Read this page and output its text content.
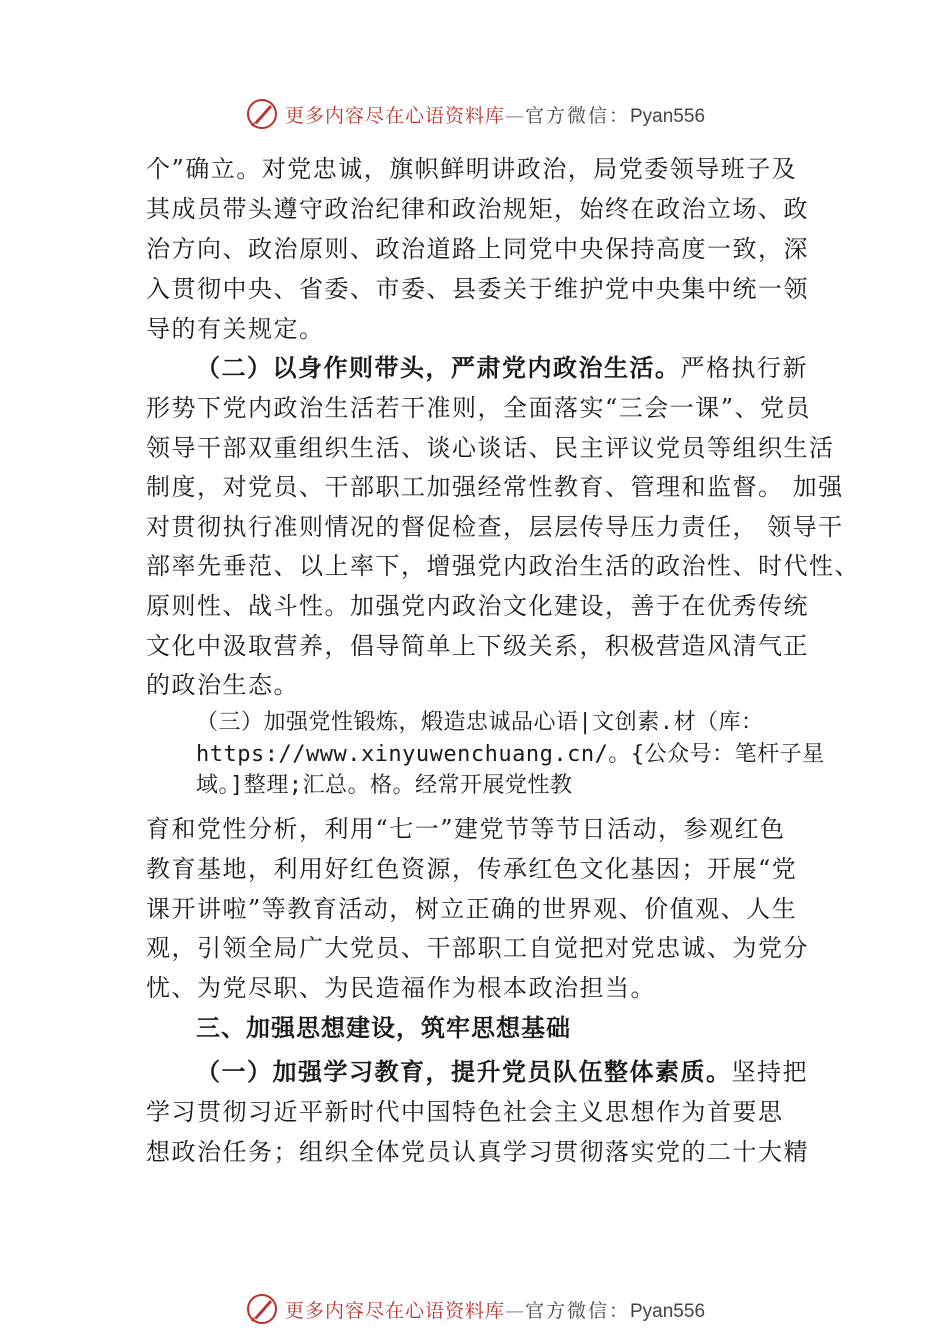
更多内容尽在心语资料库—官方微信：Pyan556
个”确立。对党忠诚，旗帜鲜明讲政治，局党委领导班子及
其成员带头遵守政治纪律和政治规矩，始终在政治立场、政
治方向、政治原则、政治道路上同党中央保持高度一致，深
入贯彻中央、省委、市委、县委关于维护党中央集中统一领
导的有关规定。
（二）以身作则带头，严肃党内政治生活。严格执行新
形势下党内政治生活若干准则，全面落实“三会一课”、党员
领导干部双重组织生活、谈心谈话、民主评议党员等组织生活
制度，对党员、干部职工加强经常性教育、管理和监督。 加强
对贯彻执行准则情况的督促检查，层层传导压力责任， 领导干
部率先垂范、以上率下，增强党内政治生活的政治性、时代性、
原则性、战斗性。加强党内政治文化建设，善于在优秀传统
文化中汲取营养，倡导简单上下级关系，积极营造风清气正
的政治生态。
（三）加强党性锻炼，煅造忠诚品心语|文创素.材（库：
https://www.xinyuwenchuang.cn/。{公众号：笔杆子星
域。]整理;汇总。格。经常开展党性教
育和党性分析，利用“七一”建党节等节日活动，参观红色
教育基地，利用好红色资源，传承红色文化基因；开展“党
课开讲啦”等教育活动，树立正确的世界观、价值观、人生
观，引领全局广大党员、干部职工自觉把对党忠诚、为党分
忧、为党尽职、为民造福作为根本政治担当。
三、加强思想建设，筑牢思想基础
（一）加强学习教育，提升党员队伍整体素质。坚持把
学习贯彻习近平新时代中国特色社会主义思想作为首要思
想政治任务；组织全体党员认真学习贯彻落实党的二十大精
更多内容尽在心语资料库—官方微信：Pyan556
